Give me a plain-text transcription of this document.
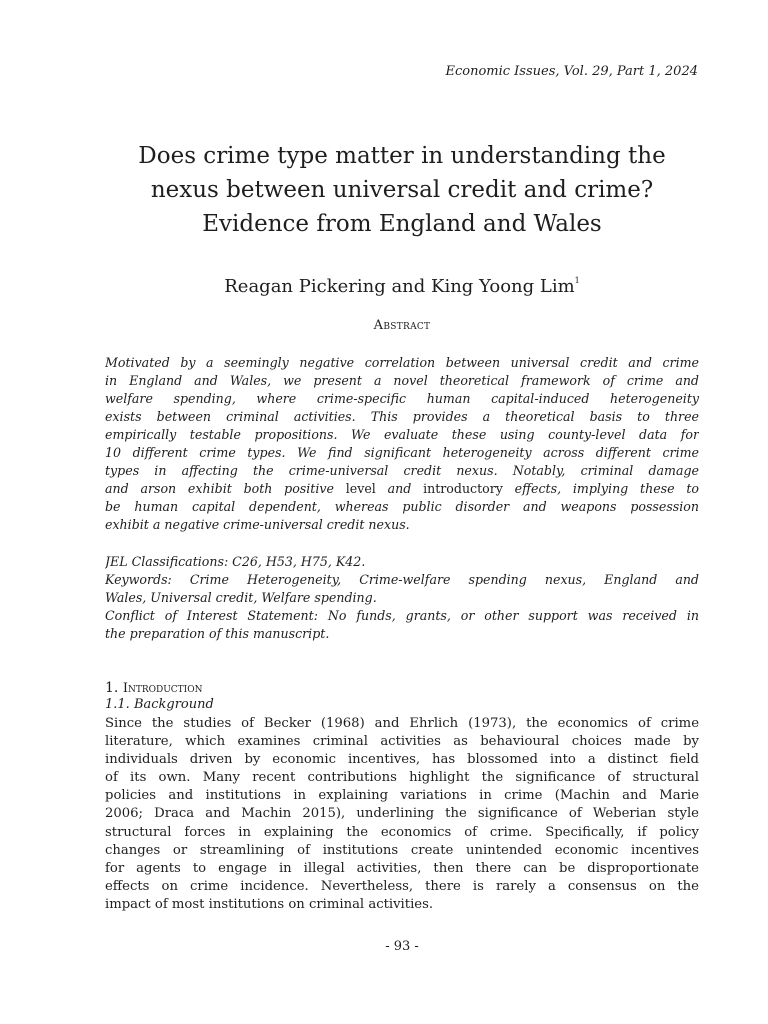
Economic Issues, Vol. 29, Part 1, 2024
Does crime type matter in understanding the
nexus between universal credit and crime?
Evidence from England and Wales
Reagan Pickering and King Yoong Lim$^1$
Abstract
Motivated by a seemingly negative correlation between universal credit and crime
in England and Wales, we present a novel theoretical framework of crime and
welfare spending, where crime-specific human capital-induced heterogeneity
exists between criminal activities. This provides a theoretical basis to three
empirically testable propositions. We evaluate these using county-level data for
10 different crime types. We find significant heterogeneity across different crime
types in affecting the crime-universal credit nexus. Notably, criminal damage
and arson exhibit both positive level and introductory effects, implying these to
be human capital dependent, whereas public disorder and weapons possession
exhibit a negative crime-universal credit nexus.
JEL Classifications: C26, H53, H75, K42.
Keywords: Crime Heterogeneity, Crime-welfare spending nexus, England and
Wales, Universal credit, Welfare spending.
Conflict of Interest Statement: No funds, grants, or other support was received in
the preparation of this manuscript.
1. Introduction
1.1. Background
Since the studies of Becker (1968) and Ehrlich (1973), the economics of crime
literature, which examines criminal activities as behavioural choices made by
individuals driven by economic incentives, has blossomed into a distinct field
of its own. Many recent contributions highlight the significance of structural
policies and institutions in explaining variations in crime (Machin and Marie
2006; Draca and Machin 2015), underlining the significance of Weberian style
structural forces in explaining the economics of crime. Specifically, if policy
changes or streamlining of institutions create unintended economic incentives
for agents to engage in illegal activities, then there can be disproportionate
effects on crime incidence. Nevertheless, there is rarely a consensus on the
impact of most institutions on criminal activities.
- 93 -
